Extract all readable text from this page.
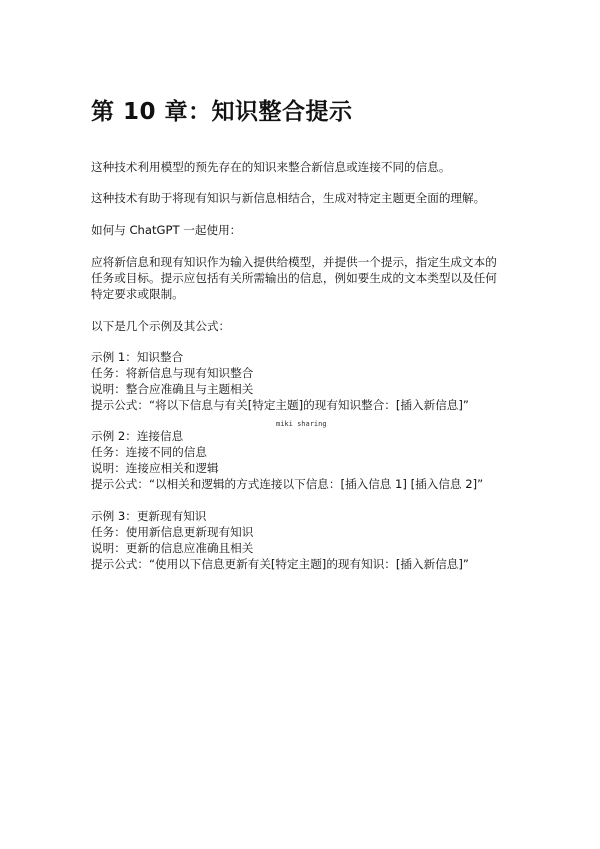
第 10 章：知识整合提示
这种技术利用模型的预先存在的知识来整合新信息或连接不同的信息。
这种技术有助于将现有知识与新信息相结合，生成对特定主题更全面的理解。
如何与 ChatGPT 一起使用：
应将新信息和现有知识作为输入提供给模型，并提供一个提示，指定生成文本的
任务或目标。提示应包括有关所需输出的信息，例如要生成的文本类型以及任何
特定要求或限制。
以下是几个示例及其公式：
示例 1：知识整合
任务：将新信息与现有知识整合
说明：整合应准确且与主题相关
提示公式：“将以下信息与有关[特定主题]的现有知识整合：[插入新信息]”
miki sharing
示例 2：连接信息
任务：连接不同的信息
说明：连接应相关和逻辑
提示公式：“以相关和逻辑的方式连接以下信息：[插入信息 1] [插入信息 2]”
示例 3：更新现有知识
任务：使用新信息更新现有知识
说明：更新的信息应准确且相关
提示公式：“使用以下信息更新有关[特定主题]的现有知识：[插入新信息]”
